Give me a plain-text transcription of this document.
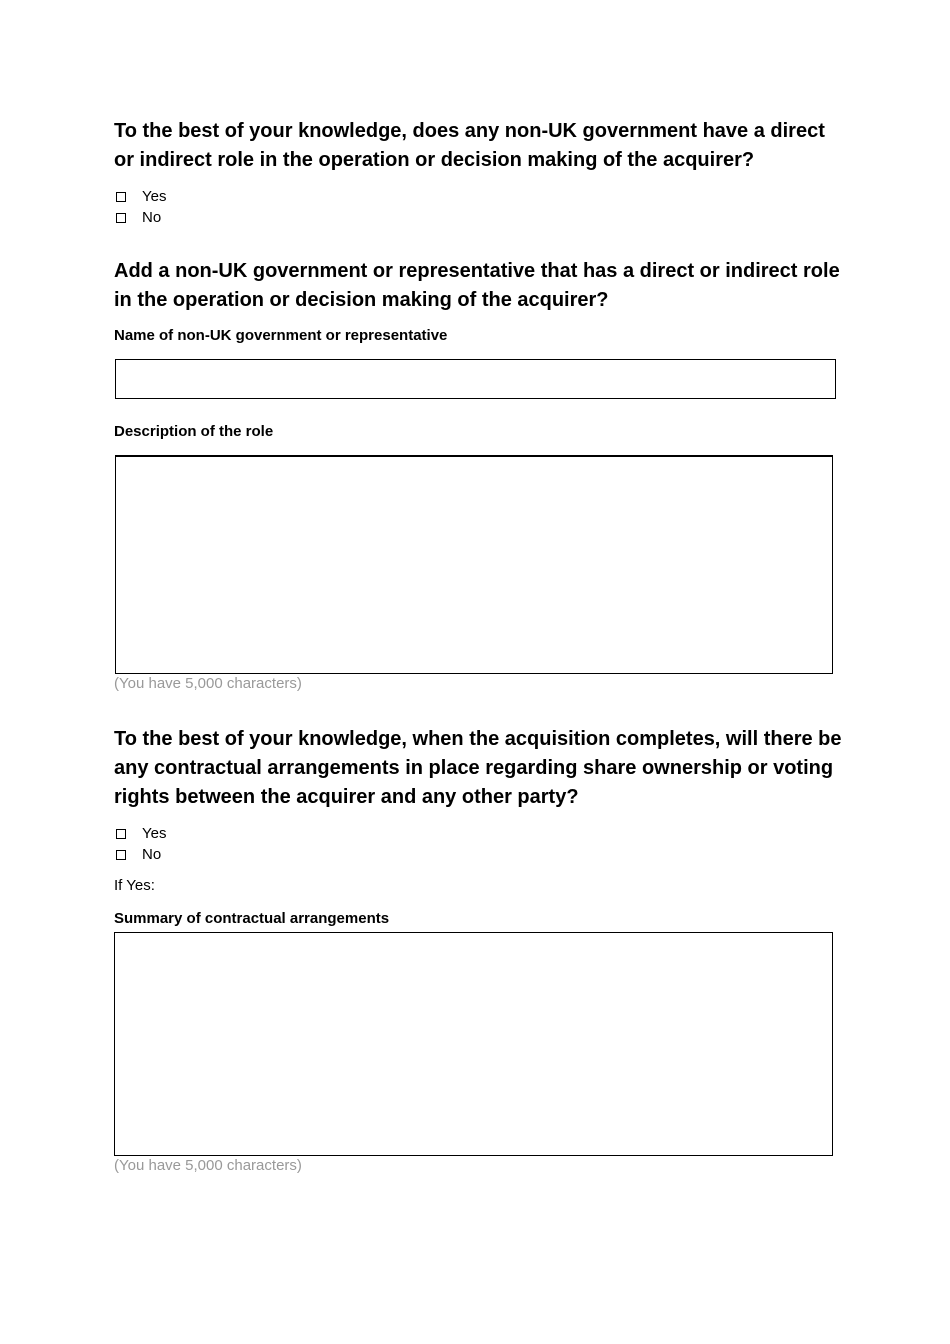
To the best of your knowledge, does any non-UK government have a direct or indirect role in the operation or decision making of the acquirer?
Yes
No
Add a non-UK government or representative that has a direct or indirect role in the operation or decision making of the acquirer?
Name of non-UK government or representative
Description of the role
(You have 5,000 characters)
To the best of your knowledge, when the acquisition completes, will there be any contractual arrangements in place regarding share ownership or voting rights between the acquirer and any other party?
Yes
No
If Yes:
Summary of contractual arrangements
(You have 5,000 characters)
